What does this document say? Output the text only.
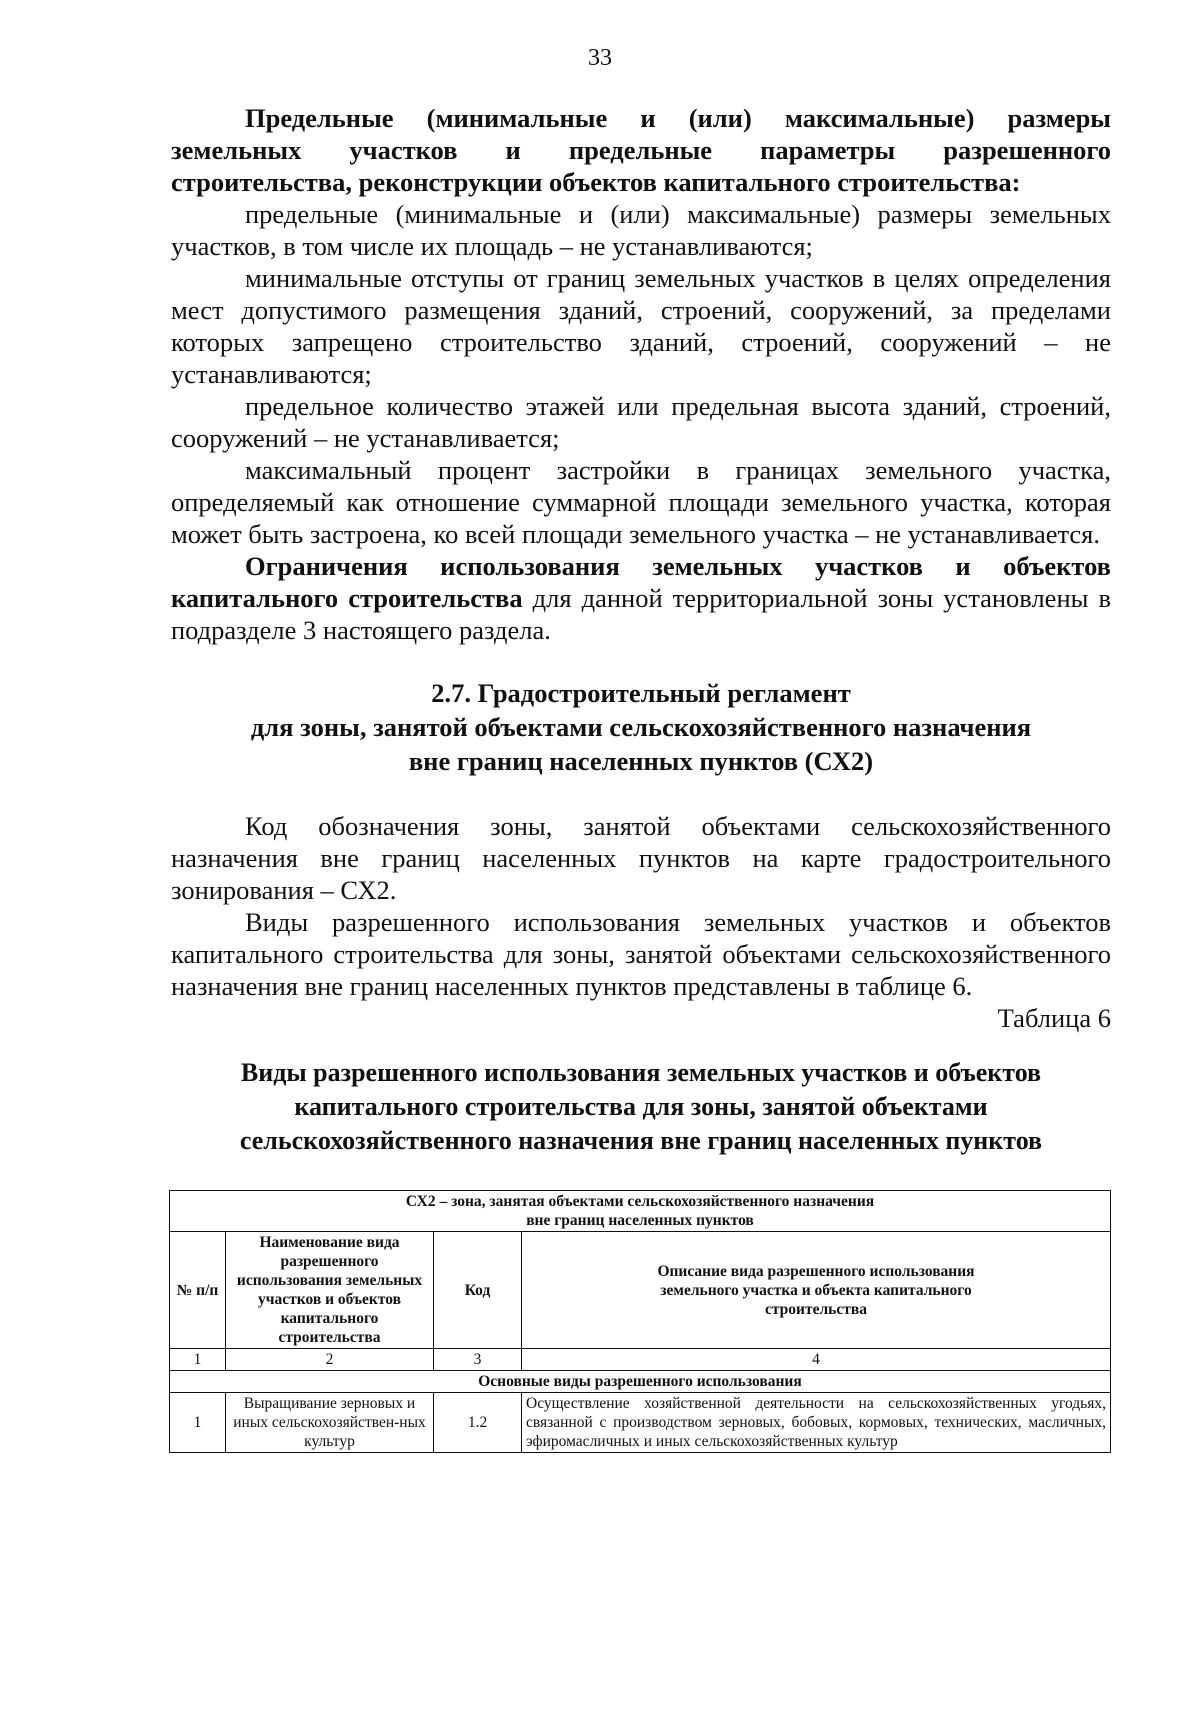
33

Предельные (минимальные и (или) максимальные) размеры

земельных участков и предельные параметры разрешенного

строительства, реконструкции объектов капитального строительства:

предельные (минимальные и (или) максимальные) размеры земельных участков, в том числе их площадь – не устанавливаются;

минимальные отступы от границ земельных участков в целях определения мест допустимого размещения зданий, строений, сооружений, за пределами которых запрещено строительство зданий, строений, сооружений – не устанавливаются;

предельное количество этажей или предельная высота зданий, строений, сооружений – не устанавливается;

максимальный процент застройки в границах земельного участка, определяемый как отношение суммарной площади земельного участка, которая может быть застроена, ко всей площади земельного участка – не устанавливается.

Ограничения использования земельных участков и объектов капитального строительства для данной территориальной зоны установлены в подразделе 3 настоящего раздела.

2.7. Градостроительный регламент
для зоны, занятой объектами сельскохозяйственного назначения
вне границ населенных пунктов (СХ2)

Код обозначения зоны, занятой объектами сельскохозяйственного назначения вне границ населенных пунктов на карте градостроительного зонирования – СХ2.

Виды разрешенного использования земельных участков и объектов капитального строительства для зоны, занятой объектами сельскохозяйственного назначения вне границ населенных пунктов представлены в таблице 6.

Таблица 6

Виды разрешенного использования земельных участков и объектов
капитального строительства для зоны, занятой объектами
сельскохозяйственного назначения вне границ населенных пунктов
СХ2 – зона, занятая объектами сельскохозяйственного назначения
вне границ населенных пунктов			

№ п/п	Наименование вида разрешенного использования земельных участков и объектов капитального строительства	Код	Описание вида разрешенного использования земельного участка и объекта капитального строительства
1	2	3	4
Основные виды разрешенного использования			
1	Выращивание зерновых и иных сельскохозяйствен-ных культур	1.2	Осуществление хозяйственной деятельности на сельскохозяйственных угодьях, связанной с производством зерновых, бобовых, кормовых, технических, масличных, эфиромасличных и иных сельскохозяйственных культур
